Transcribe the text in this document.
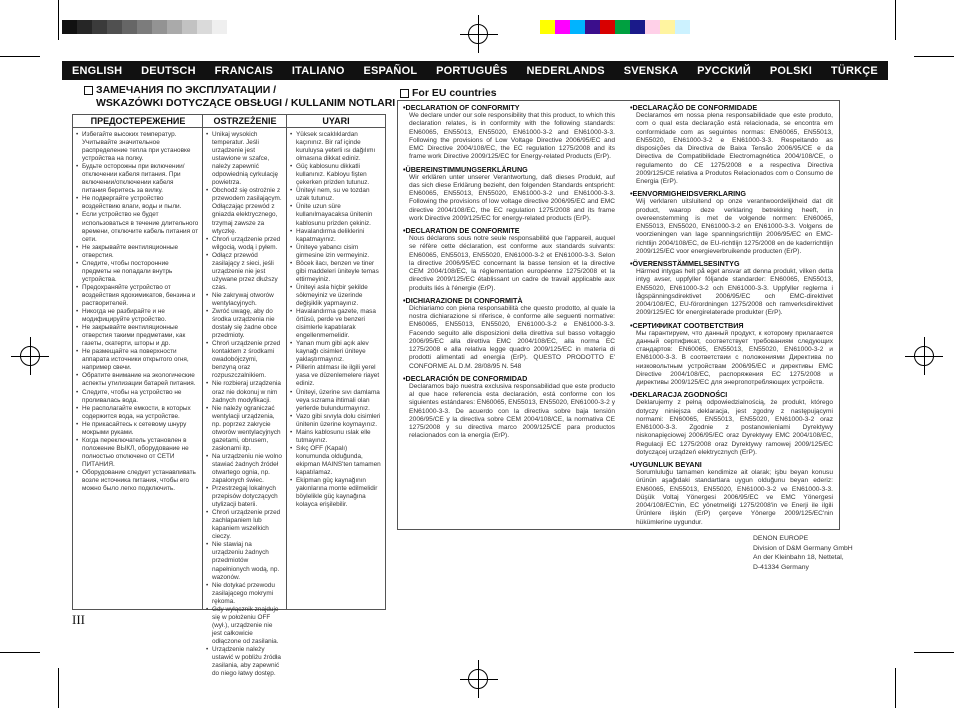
ENGLISH DEUTSCH FRANCAIS ITALIANO ESPAÑOL PORTUGUÊS NEDERLANDS SVENSKA РУССКИЙ POLSKI TÜRKÇE
ЗАМЕЧАНИЯ ПО ЭКСПЛУАТАЦИИ /
WSKAZÓWKI DOTYCZĄCE OBSŁUGI / KULLANIM NOTLARI
ПРЕДОСТЕРЕЖЕНИЕ	OSTRZEŻENIE	UYARI
• Избегайте высоких температур. Учитывайте значительное распределение тепла при установке устройства на полку.
• Будьте осторожны при включении/отключении кабеля питания. При включении/отключении кабеля питания беритесь за вилку.
• Не подвергайте устройство воздействию влаги, воды и пыли.
• Если устройство не будет использоваться в течение длительного времени, отключите кабель питания от сети.
• Не закрывайте вентиляционные отверстия.
• Следите, чтобы посторонние предметы не попадали внутрь устройства.
• Предохраняйте устройство от воздействия ядохимикатов, бензина и растворителей.
• Никогда не разбирайте и не модифицируйте устройство.
• Не закрывайте вентиляционные отверстия такими предметами, как газеты, скатерти, шторы и др.
• Не размещайте на поверхности аппарата источники открытого огня, например свечи.
• Обратите внимание на экологические аспекты утилизации батарей питания.
• Следите, чтобы на устройство не проливалась вода.
• Не располагайте емкости, в которых содержится вода, на устройстве.
• Не прикасайтесь к сетевому шнуру мокрыми руками.
• Когда переключатель установлен в положение ВЫКЛ, оборудование не полностью отключено от СЕТИ ПИТАНИЯ.
• Оборудование следует устанавливать возле источника питания, чтобы его можно было легко подключить.
• Unikaj wysokich temperatur. Jeśli urządzenie jest ustawione w szafce, należy zapewnić odpowiednią cyrkulację powietrza.
• Obchodź się ostrożnie z przewodem zasilającym. Odłączając przewód z gniazda elektrycznego, trzymaj zawsze za wtyczkę.
• Chroń urządzenie przed wilgocią, wodą i pyłem.
• Odłącz przewód zasilający z sieci, jeśli urządzenie nie jest używane przez dłuższy czas.
• Nie zakrywaj otworów wentylacyjnych.
• Zwróć uwagę, aby do środka urządzenia nie dostały się żadne obce przedmioty.
• Chroń urządzenie przed kontaktem z środkami owadobójczymi, benzyną oraz rozpuszczalnikiem.
• Nie rozbieraj urządzenia oraz nie dokonuj w nim żadnych modyfikacji.
• Nie należy ograniczać wentylacji urządzenia, np. poprzez zakrycie otworów wentylacyjnych gazetami, obrusem, zasłonami itp.
• Na urządzeniu nie wolno stawiać żadnych źródeł otwartego ognia, np. zapalonych świec.
• Przestrzegaj lokalnych przepisów dotyczących utylizacji baterii.
• Chroń urządzenie przed zachlapaniem lub kapaniem wszelkich cieczy.
• Nie stawiaj na urządzeniu żadnych przedmiotów napełnionych wodą, np. wazonów.
• Nie dotykać przewodu zasilającego mokrymi rękoma.
• Gdy wyłącznik znajduje się w położeniu OFF (wył.), urządzenie nie jest całkowicie odłączone od zasilania.
• Urządzenie należy ustawić w pobliżu źródła zasilania, aby zapewnić do niego łatwy dostęp.
• Yüksek sıcaklıklardan kaçınınız. Bir raf içinde kuruluysa yeterli ısı dağılımı olmasına dikkat ediniz.
• Güç kablosunu dikkatli kullanınız. Kabloyu fişten çekerken prizden tutunuz.
• Üniteyi nem, su ve tozdan uzak tutunuz.
• Ünite uzun süre kullanılmayacaksa ünitenin kablosunu prizden çekiniz.
• Havalandırma deliklerini kapatmayınız.
• Üniteye yabancı cisim girmesine izin vermeyiniz.
• Böcek ilacı, benzen ve tiner gibi maddeleri üniteyle temas ettirmeyiniz.
• Üniteyi asla hiçbir şekilde sökmeyiniz ve üzerinde değişiklik yapmayınız.
• Havalandırma gazete, masa örtüsü, perde ve benzeri cisimlerle kapatılarak engellenmemelidir.
• Yanan mum gibi açık alev kaynağı cisimleri üniteye yaklaştırmayınız.
• Pillerin atılması ile ilgili yerel yasa ve düzenlemelere riayet ediniz.
• Üniteyi, üzerine sıvı damlama veya sızrama ihtimali olan yerlerde bulundurmayınız.
• Vazo gibi sıvıyla dolu cisimleri ünitenin üzerine koymayınız.
• Mains kablosunu ıslak elle tutmayınız.
• Sıkç OFF (Kapalı) konumunda olduğunda, ekipman MAINS'ten tamamen kapatılamaz.
• Ekipman güç kaynağının yakınlarına monte edilmelidir böylelikle güç kaynağına kolayca erişilebilir.
For EU countries
• DECLARATION OF CONFORMITY

We declare under our sole responsibility that this product, to which this declaration relates, is in conformity with the following standards: EN60065, EN55013, EN55020, EN61000-3-2 and EN61000-3-3. Following the provisions of Low Voltage Directive 2006/95/EC and EMC Directive 2004/108/EC, the EC regulation 1275/2008 and its frame work Directive 2009/125/EC for Energy-related Products (ErP).

• ÜBEREINSTIMMUNGSERKLÄRUNG

Wir erklären unter unserer Verantwortung, daß dieses Produkt, auf das sich diese Erklärung bezieht, den folgenden Standards entspricht: EN60065, EN55013, EN55020, EN61000-3-2 und EN61000-3-3. Following the provisions of low voltage directive 2006/95/EC and EMC directive 2004/108/EC, the EC regulation 1275/2008 and its frame work Directive 2009/125/EC for energy-related products (ErP).

• DECLARATION DE CONFORMITE

Nous déclarons sous notre seule responsabilité que l'appareil, auquel se réfère cette déclaration, est conforme aux standards suivants: EN60065, EN55013, EN55020, EN61000-3-2 et EN61000-3-3. Selon la directive 2006/95/EC concernant la basse tension et la directive CEM 2004/108/EC, la réglementation européenne 1275/2008 et la directive 2009/125/EC établissant un cadre de travail applicable aux produits liés à l'énergie (ErP).

• DICHIARAZIONE DI CONFORMITÀ

Dichiariamo con piena responsabilità che questo prodotto, al quale la nostra dichiarazione si riferisce, è conforme alle seguenti normative: EN60065, EN55013, EN55020, EN61000-3-2 e EN61000-3-3. Facendo seguito alle disposizioni della direttiva sul basso voltaggio 2006/95/EC alla direttiva EMC 2004/108/EC, alla norma EC 1275/2008 e alla relativa legge quadro 2009/125/EC in materia di prodotti alimentati ad energia (ErP). QUESTO PRODOTTO E' CONFORME AL D.M. 28/08/95 N. 548

• DECLARACIÓN DE CONFORMIDAD

Declaramos bajo nuestra exclusiva responsabilidad que este producto al que hace referencia esta declaración, está conforme con los siguientes estándares: EN60065, EN55013, EN55020, EN61000-3-2 y EN61000-3-3. De acuerdo con la directiva sobre baja tensión 2006/95/CE y la directiva sobre CEM 2004/108/CE, la normativa CE 1275/2008 y su directiva marco 2009/125/CE para productos relacionados con la energía (ErP).

• DECLARAÇÃO DE CONFORMIDADE

Declaramos em nossa plena responsabilidade que este produto, com o qual esta declaração está relacionada, se encontra em conformidade com as seguintes normas: EN60065, EN55013, EN55020, EN61000-3-2 e EN61000-3-3. Respeitando as disposições da Directiva de Baixa Tensão 2006/95/CE e da Directiva de Compatibilidade Electromagnética 2004/108/CE, o regulamento do CE 1275/2008 e a respectiva Directiva 2009/125/CE relativa a Produtos Relacionados com o Consumo de Energia (ErP).

• EENVORMIGHEIDSVERKLARING

Wij verklaren uitsluitend op onze verantwoordelijkheid dat dit product, waarop deze verklaring betrekking heeft, in overeenstemming is met de volgende normen: EN60065, EN55013, EN55020, EN61000-3-2 en EN61000-3-3. Volgens de voorzieningen van lage spanningsrichtlijn 2006/95/EC en EMC-richtlijn 2004/108/EC, de EU-richtlijn 1275/2008 en de kaderrichtlijn 2009/125/EC voor energieverbruikende producten (ErP).

• ÖVERENSSTÄMMELSESINTYG

Härmed intygas helt på eget ansvar att denna produkt, vilken detta intyg avser, uppfyller följande standarder: EN60065, EN55013, EN55020, EN61000-3-2 och EN61000-3-3. Uppfyller reglerna i lågspänningsdirektivet 2006/95/EC och EMC-direktivet 2004/108/EC, EU-förordningen 1275/2008 och ramverksdirektivet 2009/125/EC för energirelaterade produkter (ErP).

• СЕРТИФИКАТ СООТВЕТСТВИЯ

Мы гарантируем, что данный продукт, к которому прилагается данный сертификат, соответствует требованиям следующих стандартов: EN60065, EN55013, EN55020, EN61000-3-2 и EN61000-3-3. В соответствии с положениями Директива по низковольтным устройствам 2006/95/EC и директивы EMC Directive 2004/108/EC, распоряжения EC 1275/2008 и директивы 2009/125/EC для энергопотребляющих устройств.

• DEKLARACJA ZGODNOŚCI

Deklarujemy z pełną odpowiedzialnością, że produkt, którego dotyczy niniejsza deklaracja, jest zgodny z następującymi normami: EN60065, EN55013, EN55020, EN61000-3-2 oraz EN61000-3-3. Zgodnie z postanowieniami Dyrektywy niskonapięciowej 2006/95/EC oraz Dyrektywy EMC 2004/108/EC, Regulacji EC 1275/2008 oraz Dyrektywy ramowej 2009/125/EC dotyczącej urządzeń elektrycznych (ErP).

• UYGUNLUK BEYANI

Sorumluluğu tamamen kendimize ait olarak; işbu beyan konusu ürünün aşağıdaki standartlara uygun olduğunu beyan ederiz: EN60065, EN55013, EN55020, EN61000-3-2 ve EN61000-3-3. Düşük Voltaj Yönergesi 2006/95/EC ve EMC Yönergesi 2004/108/EC'nin, EC yönetmeliği 1275/2008'in ve Enerji ile ilgili Ürünlere ilişkin (ErP) çerçeve Yönerge 2009/125/EC'nin hükümlerine uygundur.

DENON EUROPE
Division of D&M Germany GmbH
An der Kleinbahn 18, Nettetal,
D-41334 Germany
III
